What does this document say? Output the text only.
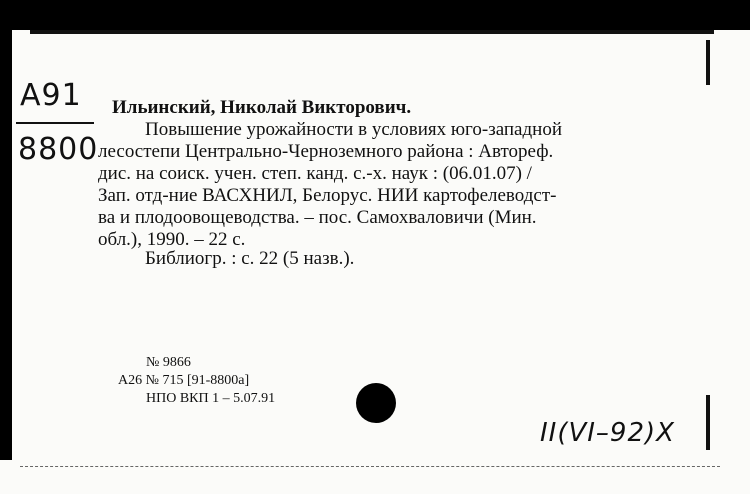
А91
8800
Ильинский, Николай Викторович.
Повышение урожайности в условиях юго-западной
лесостепи Центрально-Черноземного района : Автореф.
дис. на соиск. учен. степ. канд. с.-х. наук : (06.01.07) /
Зап. отд-ние ВАСХНИЛ, Белорус. НИИ картофелеводст-
ва и плодоовощеводства. – пос. Самохваловичи (Мин.
обл.), 1990. – 22 с.
Библиогр. : с. 22 (5 назв.).
№ 9866
А26 № 715 [91-8800а]
НПО ВКП 1 – 5.07.91
ІІ(VI–92)Х
